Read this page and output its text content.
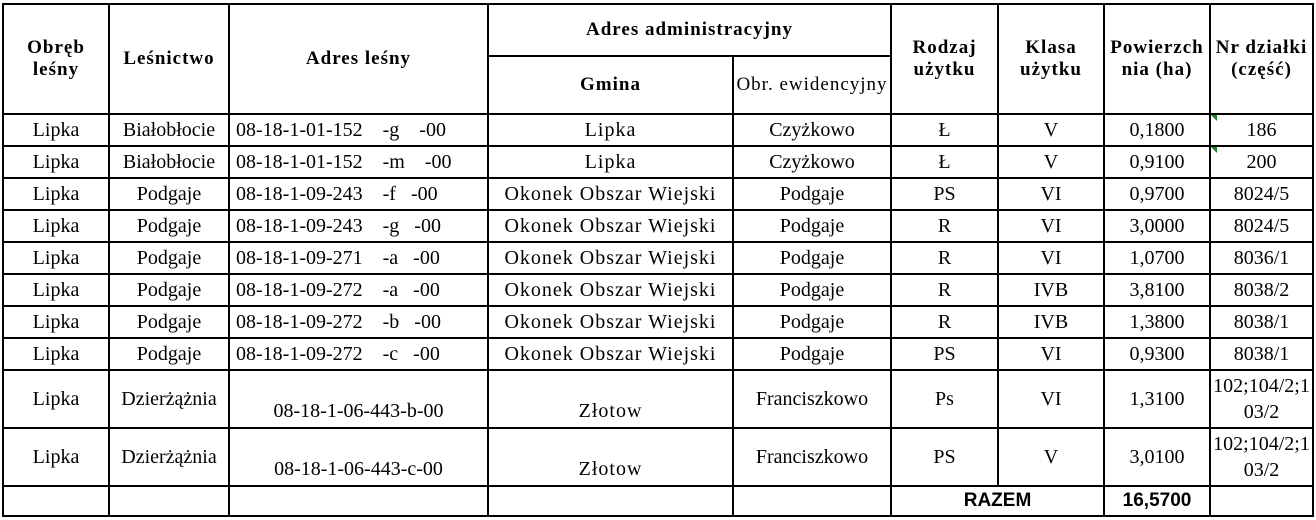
Obręb leśny	Leśnictwo	Adres leśny	Adres administracyjny		Rodzaj użytku	Klasa użytku	Powierzchnia (ha)	Nr działki (część)
			Gmina	Obr. ewidencyjny				
Lipka	Białobłocie	08-18-1-01-152    -g    -00	Lipka	Czyżkowo	Ł	V	0,1800	186
Lipka	Białobłocie	08-18-1-01-152    -m    -00	Lipka	Czyżkowo	Ł	V	0,9100	200
Lipka	Podgaje	08-18-1-09-243    -f   -00	Okonek Obszar Wiejski	Podgaje	PS	VI	0,9700	8024/5
Lipka	Podgaje	08-18-1-09-243    -g   -00	Okonek Obszar Wiejski	Podgaje	R	VI	3,0000	8024/5
Lipka	Podgaje	08-18-1-09-271    -a   -00	Okonek Obszar Wiejski	Podgaje	R	VI	1,0700	8036/1
Lipka	Podgaje	08-18-1-09-272    -a   -00	Okonek Obszar Wiejski	Podgaje	R	IVB	3,8100	8038/2
Lipka	Podgaje	08-18-1-09-272    -b   -00	Okonek Obszar Wiejski	Podgaje	R	IVB	1,3800	8038/1
Lipka	Podgaje	08-18-1-09-272    -c   -00	Okonek Obszar Wiejski	Podgaje	PS	VI	0,9300	8038/1
Lipka	Dzierżążnia	08-18-1-06-443-b-00	Złotow	Franciszkowo	Ps	VI	1,3100	102;104/2;103/2
Lipka	Dzierżążnia	08-18-1-06-443-c-00	Złotow	Franciszkowo	PS	V	3,0100	102;104/2;103/2
					RAZEM		16,5700	
